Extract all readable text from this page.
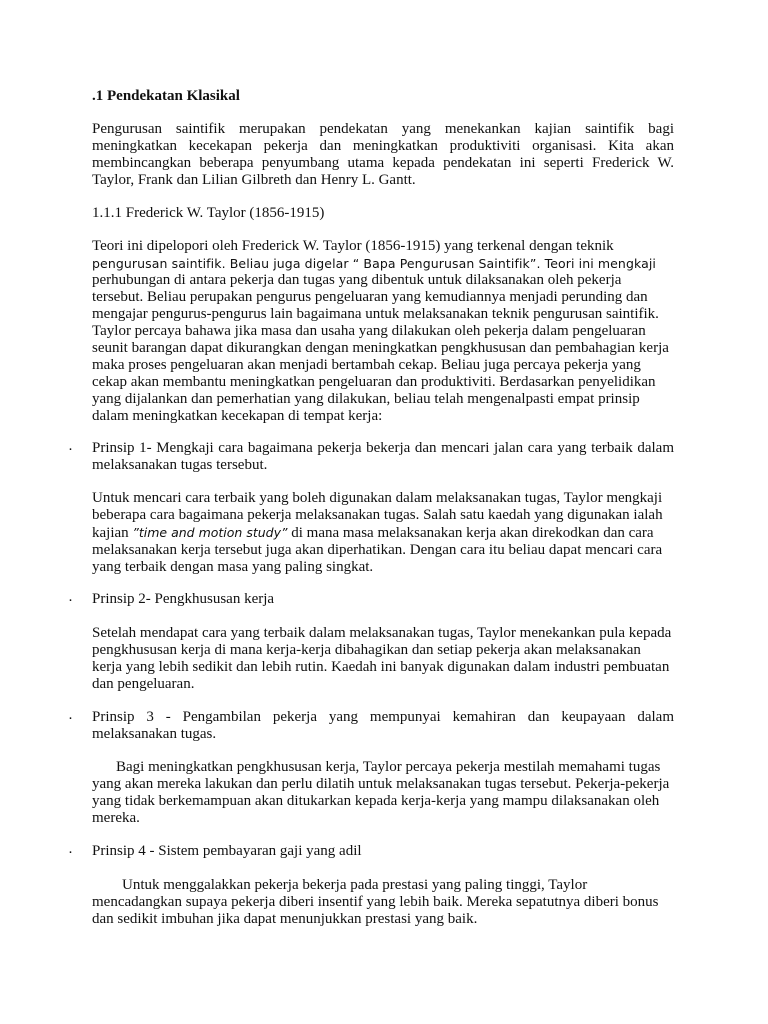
.1 Pendekatan Klasikal

Pengurusan saintifik merupakan pendekatan yang menekankan kajian saintifik bagi meningkatkan kecekapan pekerja dan meningkatkan produktiviti organisasi. Kita akan membincangkan beberapa penyumbang utama kepada pendekatan ini seperti Frederick W. Taylor, Frank dan Lilian Gilbreth dan Henry L. Gantt.

1.1.1 Frederick W. Taylor (1856-1915)

Teori ini dipelopori oleh Frederick W. Taylor (1856-1915) yang terkenal dengan teknik
pengurusan saintifik. Beliau juga digelar “ Bapa Pengurusan Saintifik”. Teori ini mengkaji
perhubungan di antara pekerja dan tugas yang dibentuk untuk dilaksanakan oleh pekerja tersebut. Beliau perupakan pengurus pengeluaran yang kemudiannya menjadi perunding dan mengajar pengurus-pengurus lain bagaimana untuk melaksanakan teknik pengurusan saintifik. Taylor percaya bahawa jika masa dan usaha yang dilakukan oleh pekerja dalam pengeluaran seunit barangan dapat dikurangkan dengan meningkatkan pengkhususan dan pembahagian kerja maka proses pengeluaran akan menjadi bertambah cekap. Beliau juga percaya pekerja yang cekap akan membantu meningkatkan pengeluaran dan produktiviti. Berdasarkan penyelidikan yang dijalankan dan pemerhatian yang dilakukan, beliau telah mengenalpasti empat prinsip dalam meningkatkan kecekapan di tempat kerja:
· Prinsip 1- Mengkaji cara bagaimana pekerja bekerja dan mencari jalan cara yang terbaik dalam melaksanakan tugas tersebut.

Untuk mencari cara terbaik yang boleh digunakan dalam melaksanakan tugas, Taylor mengkaji beberapa cara bagaimana pekerja melaksanakan tugas. Salah satu kaedah yang digunakan ialah kajian ”time and motion study” di mana masa melaksanakan kerja akan direkodkan dan cara melaksanakan kerja tersebut juga akan diperhatikan. Dengan cara itu beliau dapat mencari cara yang terbaik dengan masa yang paling singkat.

· Prinsip 2- Pengkhususan kerja

Setelah mendapat cara yang terbaik dalam melaksanakan tugas, Taylor menekankan pula kepada pengkhususan kerja di mana kerja-kerja dibahagikan dan setiap pekerja akan melaksanakan kerja yang lebih sedikit dan lebih rutin. Kaedah ini banyak digunakan dalam industri pembuatan dan pengeluaran.

· Prinsip 3 - Pengambilan pekerja yang mempunyai kemahiran dan keupayaan dalam melaksanakan tugas.

Bagi meningkatkan pengkhususan kerja, Taylor percaya pekerja mestilah memahami tugas yang akan mereka lakukan dan perlu dilatih untuk melaksanakan tugas tersebut. Pekerja-pekerja yang tidak berkemampuan akan ditukarkan kepada kerja-kerja yang mampu dilaksanakan oleh mereka.

· Prinsip 4 - Sistem pembayaran gaji yang adil

Untuk menggalakkan pekerja bekerja pada prestasi yang paling tinggi, Taylor mencadangkan supaya pekerja diberi insentif yang lebih baik. Mereka sepatutnya diberi bonus dan sedikit imbuhan jika dapat menunjukkan prestasi yang baik.
